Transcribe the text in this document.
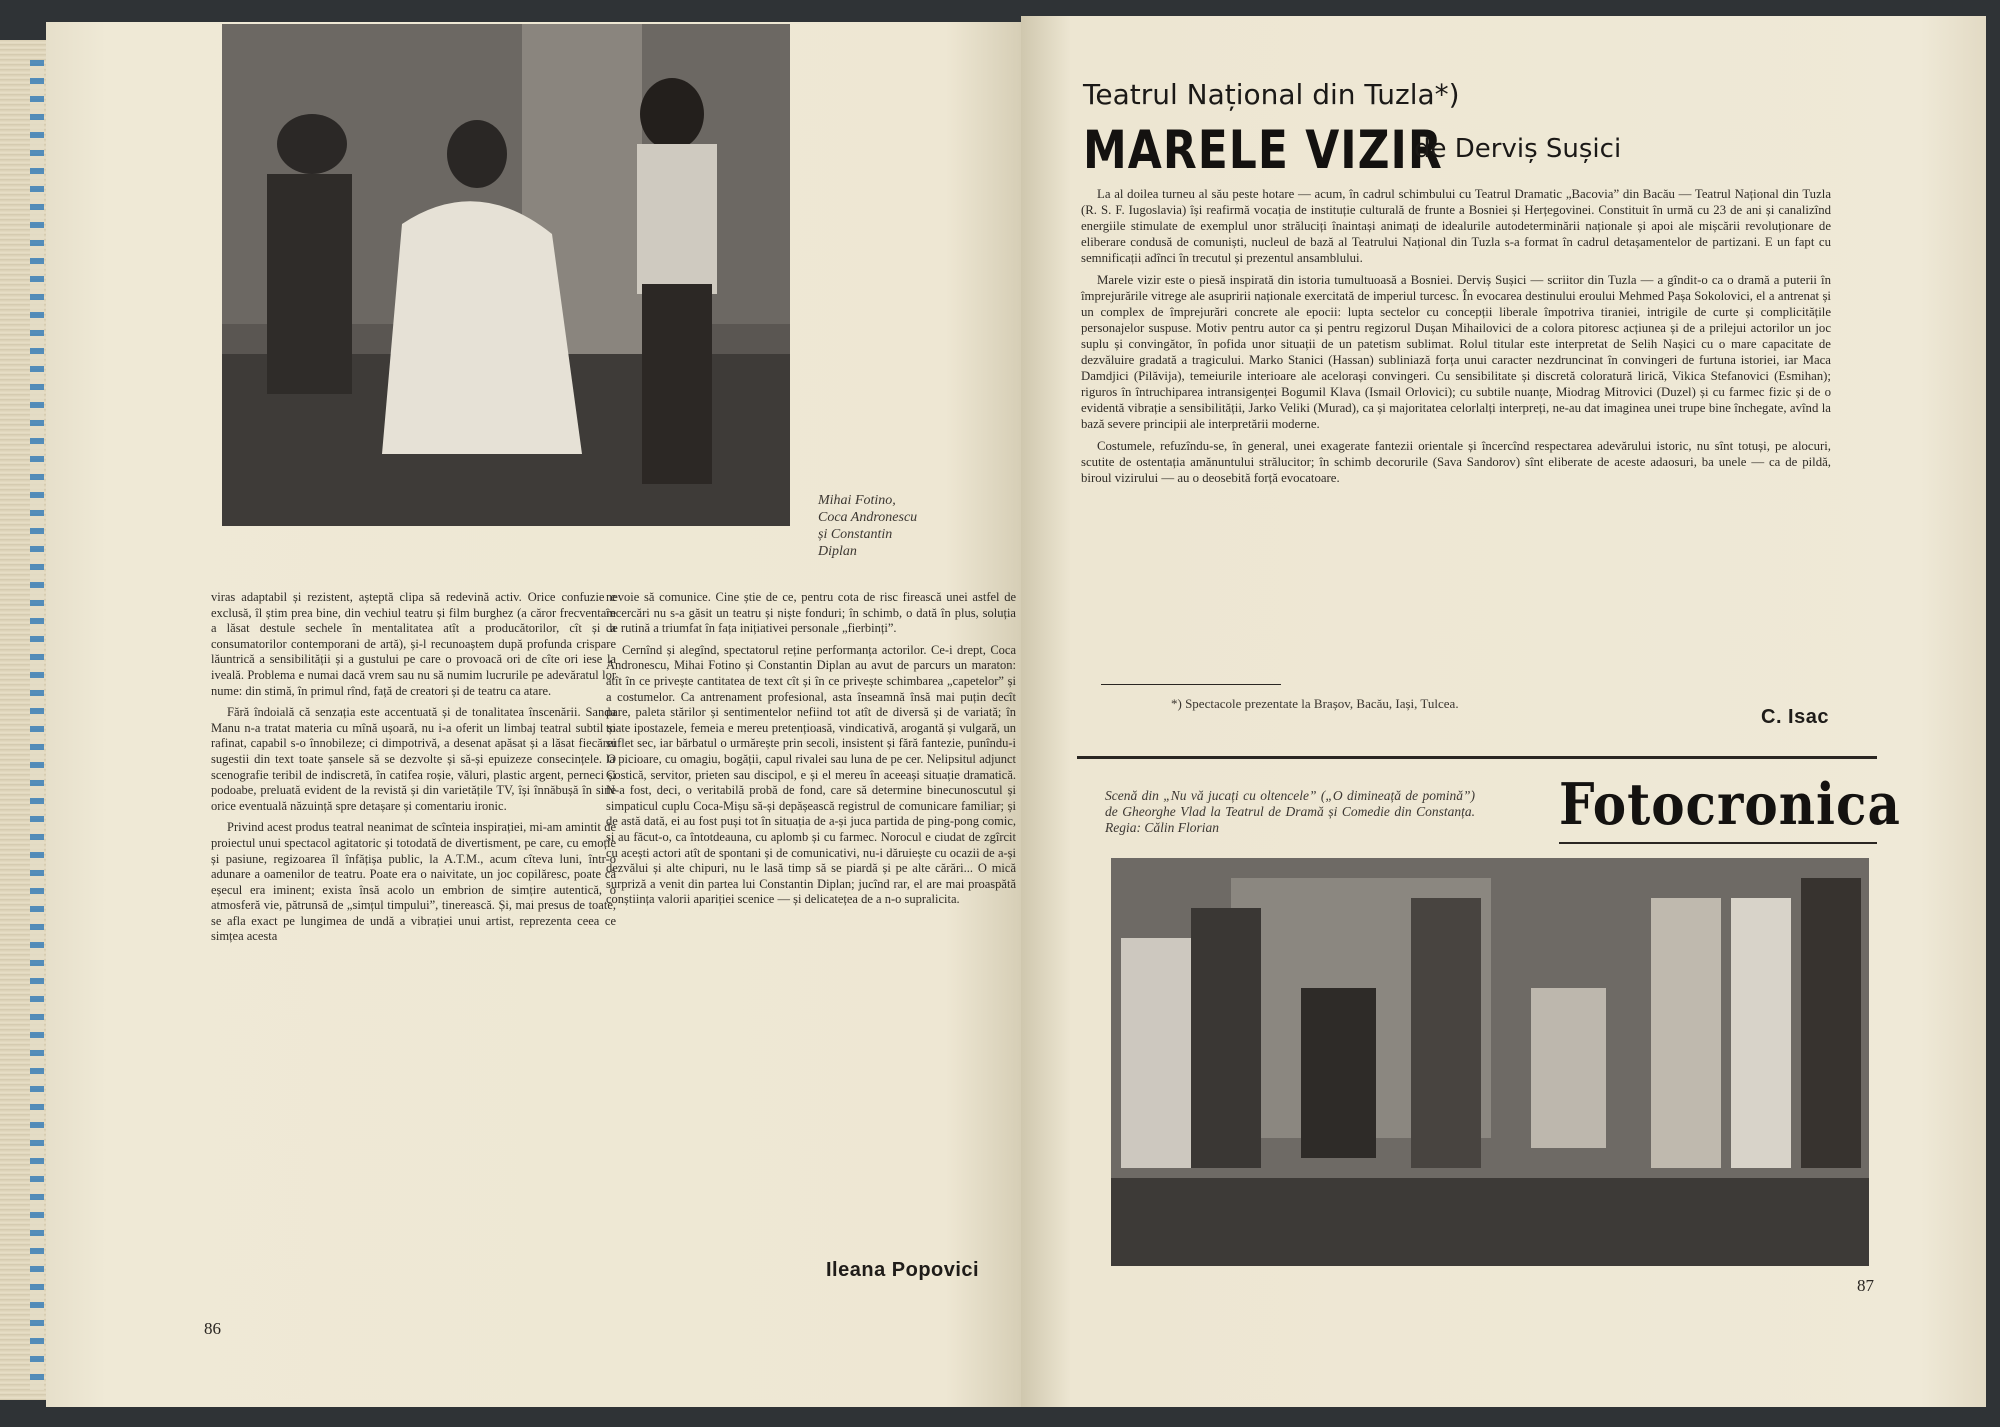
Mihai Fotino,
Coca Andronescu
și Constantin
Diplan

viras adaptabil și rezistent, așteptă clipa să redevină activ. Orice confuzie e exclusă, îl știm prea bine, din vechiul teatru și film burghez (a căror frecventare a lăsat destule sechele în mentalitatea atît a producătorilor, cît și a consumatorilor contemporani de artă), și-l recunoaștem după profunda crispare lăuntrică a sensibilității și a gustului pe care o provoacă ori de cîte ori iese la iveală. Problema e numai dacă vrem sau nu să numim lucrurile pe adevăratul lor nume: din stimă, în primul rînd, față de creatori și de teatru ca atare.

Fără îndoială că senzația este accentuată și de tonalitatea înscenării. Sanda Manu n-a tratat materia cu mînă ușoară, nu i-a oferit un limbaj teatral subtil și rafinat, capabil s-o înnobileze; ci dimpotrivă, a desenat apăsat și a lăsat fiecărei sugestii din text toate șansele să se dezvolte și să-și epuizeze consecințele. O scenografie teribil de indiscretă, în catifea roșie, văluri, plastic argent, perneci și podoabe, preluată evident de la revistă și din varietățile TV, își înnăbușă în sine orice eventuală năzuință spre detașare și comentariu ironic.

Privind acest produs teatral neanimat de scînteia inspirației, mi-am amintit de proiectul unui spectacol agitatoric și totodată de divertisment, pe care, cu emoție și pasiune, regizoarea îl înfățișa public, la A.T.M., acum cîteva luni, într-o adunare a oamenilor de teatru. Poate era o naivitate, un joc copilăresc, poate că eșecul era iminent; exista însă acolo un embrion de simțire autentică, o atmosferă vie, pătrunsă de „simțul timpului”, tinerească. Și, mai presus de toate, se afla exact pe lungimea de undă a vibrației unui artist, reprezenta ceea ce simțea acesta

nevoie să comunice. Cine știe de ce, pentru cota de risc firească unei astfel de încercări nu s-a găsit un teatru și niște fonduri; în schimb, o dată în plus, soluția de rutină a triumfat în fața inițiativei personale „fierbinți”.

Cernînd și alegînd, spectatorul reține performanța actorilor. Ce-i drept, Coca Andronescu, Mihai Fotino și Constantin Diplan au avut de parcurs un maraton: atît în ce privește cantitatea de text cît și în ce privește schimbarea „capetelor” și a costumelor. Ca antrenament profesional, asta înseamnă însă mai puțin decît pare, paleta stărilor și sentimentelor nefiind tot atît de diversă și de variată; în toate ipostazele, femeia e mereu pretențioasă, vindicativă, arogantă și vulgară, un suflet sec, iar bărbatul o urmărește prin secoli, insistent și fără fantezie, punîndu-i la picioare, cu omagiu, bogății, capul rivalei sau luna de pe cer. Nelipsitul adjunct Costică, servitor, prieten sau discipol, e și el mereu în aceeași situație dramatică. N-a fost, deci, o veritabilă probă de fond, care să determine binecunoscutul și simpaticul cuplu Coca-Mișu să-și depășească registrul de comunicare familiar; și de astă dată, ei au fost puși tot în situația de a-și juca partida de ping-pong comic, și au făcut-o, ca întotdeauna, cu aplomb și cu farmec. Norocul e ciudat de zgîrcit cu acești actori atît de spontani și de comunicativi, nu-i dăruiește cu ocazii de a-și dezvălui și alte chipuri, nu le lasă timp să se piardă și pe alte cărări... O mică surpriză a venit din partea lui Constantin Diplan; jucînd rar, el are mai proaspătă conștiința valorii apariției scenice — și delicatețea de a n-o supralicita.

Ileana Popovici
86
Teatrul Național din Tuzla*)
MARELE VIZIR
de Derviș Sușici

La al doilea turneu al său peste hotare — acum, în cadrul schimbului cu Teatrul Dramatic „Bacovia” din Bacău — Teatrul Național din Tuzla (R. S. F. Iugoslavia) își reafirmă vocația de instituție culturală de frunte a Bosniei și Herțegovinei. Constituit în urmă cu 23 de ani și canalizînd energiile stimulate de exemplul unor străluciți înaintași animați de idealurile autodeterminării naționale și apoi ale mișcării revoluționare de eliberare condusă de comuniști, nucleul de bază al Teatrului Național din Tuzla s-a format în cadrul detașamentelor de partizani. E un fapt cu semnificații adînci în trecutul și prezentul ansamblului.

Marele vizir este o piesă inspirată din istoria tumultuoasă a Bosniei. Derviș Sușici — scriitor din Tuzla — a gîndit-o ca o dramă a puterii în împrejurările vitrege ale asupririi naționale exercitată de imperiul turcesc. În evocarea destinului eroului Mehmed Pașa Sokolovici, el a antrenat și un complex de împrejurări concrete ale epocii: lupta sectelor cu concepții liberale împotriva tiraniei, intrigile de curte și complicitățile personajelor suspuse. Motiv pentru autor ca și pentru regizorul Dușan Mihailovici de a colora pitoresc acțiunea și de a prilejui actorilor un joc suplu și convingător, în pofida unor situații de un patetism sublimat. Rolul titular este interpretat de Selih Nașici cu o mare capacitate de dezvăluire gradată a tragicului. Marko Stanici (Hassan) subliniază forța unui caracter nezdruncinat în convingeri de furtuna istoriei, iar Maca Damdjici (Pilăvija), temeiurile interioare ale acelorași convingeri. Cu sensibilitate și discretă coloratură lirică, Vikica Stefanovici (Esmihan); riguros în întruchiparea intransigenței Bogumil Klava (Ismail Orlovici); cu subtile nuanțe, Miodrag Mitrovici (Duzel) și cu farmec fizic și de o evidentă vibrație a sensibilității, Jarko Veliki (Murad), ca și majoritatea celorlalți interpreți, ne-au dat imaginea unei trupe bine închegate, avînd la bază severe principii ale interpretării moderne.

Costumele, refuzîndu-se, în general, unei exagerate fantezii orientale și încercînd respectarea adevărului istoric, nu sînt totuși, pe alocuri, scutite de ostentația amănuntului strălucitor; în schimb decorurile (Sava Sandorov) sînt eliberate de aceste adaosuri, ba unele — ca de pildă, biroul vizirului — au o deosebită forță evocatoare.

*) Spectacole prezentate la Brașov, Bacău, Iași, Tulcea.
C. Isac
Scenă din „Nu vă jucați cu oltencele” („O dimineață de pomină”) de Gheorghe Vlad la Teatrul de Dramă și Comedie din Constanța. Regia: Călin Florian	Fotocronica
87
